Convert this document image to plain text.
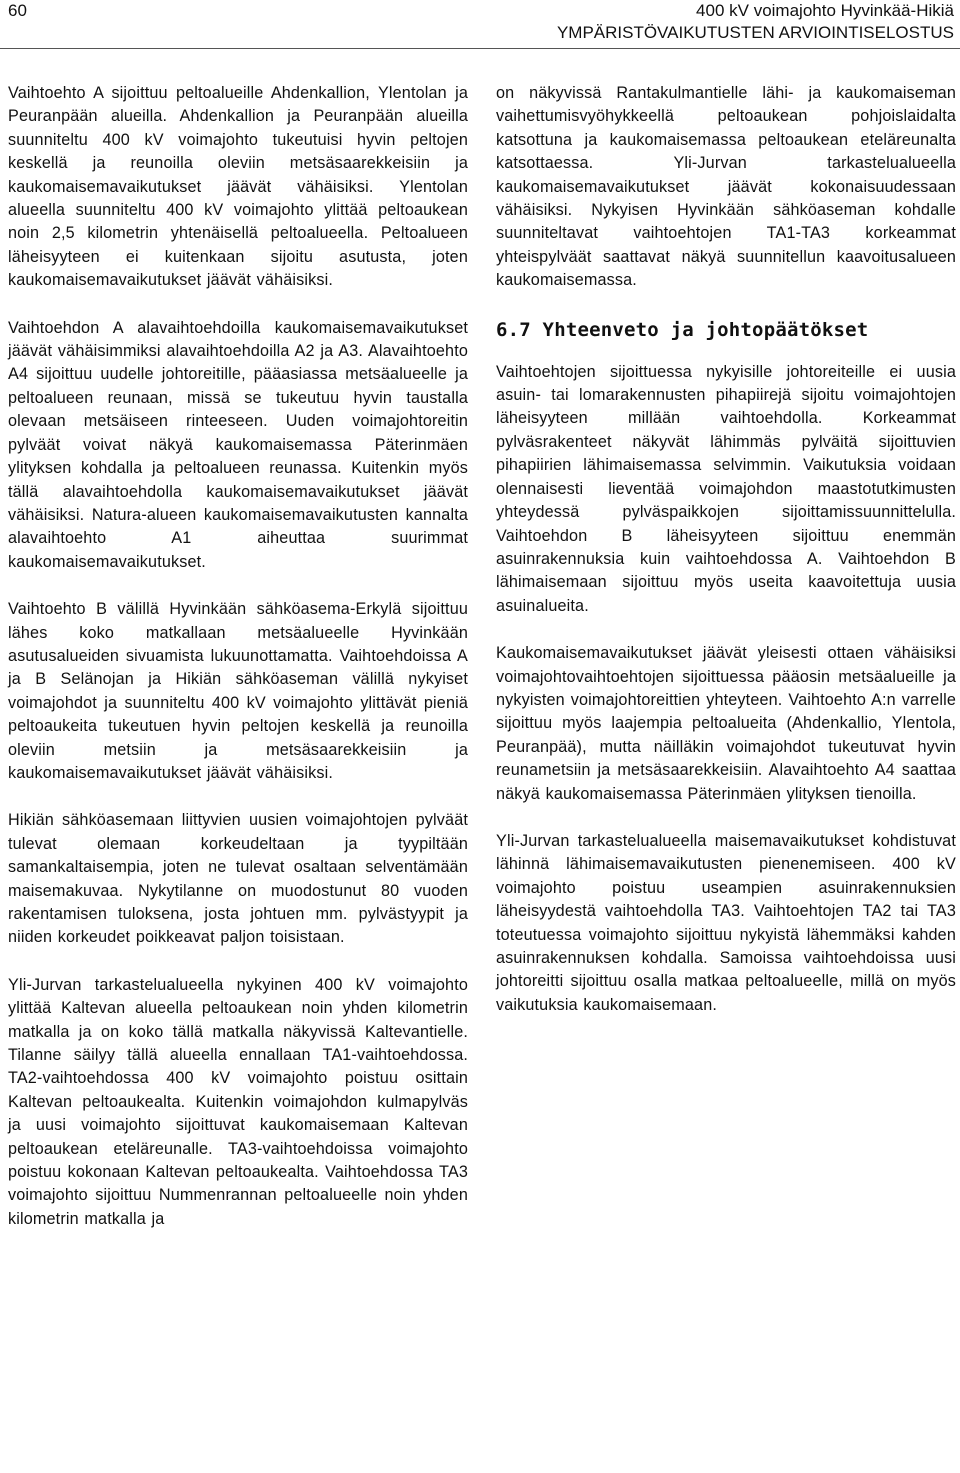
60	400 kV voimajohto Hyvinkää-Hikiä
YMPÄRISTÖVAIKUTUSTEN ARVIOINTISELOSTUS

Vaihtoehto A sijoittuu peltoalueille Ahdenkallion, Ylentolan ja Peuranpään alueilla. Ahdenkallion ja Peuranpään alueilla suunniteltu 400 kV voimajohto tukeutuisi hyvin peltojen keskellä ja reunoilla oleviin metsäsaarekkeisiin ja kaukomaisemavaikutukset jäävät vähäisiksi. Ylentolan alueella suunniteltu 400 kV voimajohto ylittää peltoaukean noin 2,5 kilometrin yhtenäisellä peltoalueella. Peltoalueen läheisyyteen ei kuitenkaan sijoitu asutusta, joten kaukomaisemavaikutukset jäävät vähäisiksi.

Vaihtoehdon A alavaihtoehdoilla kaukomaisemavaikutukset jäävät vähäisimmiksi alavaihtoehdoilla A2 ja A3. Alavaihtoehto A4 sijoittuu uudelle johtoreitille, pääasiassa metsäalueelle ja peltoalueen reunaan, missä se tukeutuu hyvin taustalla olevaan metsäiseen rinteeseen. Uuden voimajohtoreitin pylväät voivat näkyä kaukomaisemassa Päterinmäen ylityksen kohdalla ja peltoalueen reunassa. Kuitenkin myös tällä alavaihtoehdolla kaukomaisemavaikutukset jäävät vähäisiksi. Natura-alueen kaukomaisemavaikutusten kannalta alavaihtoehto A1 aiheuttaa suurimmat kaukomaisemavaikutukset.

Vaihtoehto B välillä Hyvinkään sähköasema-Erkylä sijoittuu lähes koko matkallaan metsäalueelle Hyvinkään asutusalueiden sivuamista lukuunottamatta. Vaihtoehdoissa A ja B Selänojan ja Hikiän sähköaseman välillä nykyiset voimajohdot ja suunniteltu 400 kV voimajohto ylittävät pieniä peltoaukeita tukeutuen hyvin peltojen keskellä ja reunoilla oleviin metsiin ja metsäsaarekkeisiin ja kaukomaisemavaikutukset jäävät vähäisiksi.

Hikiän sähköasemaan liittyvien uusien voimajohtojen pylväät tulevat olemaan korkeudeltaan ja tyypiltään samankaltaisempia, joten ne tulevat osaltaan selventämään maisemakuvaa. Nykytilanne on muodostunut 80 vuoden rakentamisen tuloksena, josta johtuen mm. pylvästyypit ja niiden korkeudet poikkeavat paljon toisistaan.

Yli-Jurvan tarkastelualueella nykyinen 400 kV voimajohto ylittää Kaltevan alueella peltoaukean noin yhden kilometrin matkalla ja on koko tällä matkalla näkyvissä Kaltevantielle. Tilanne säilyy tällä alueella ennallaan TA1-vaihtoehdossa. TA2-vaihtoehdossa 400 kV voimajohto poistuu osittain Kaltevan peltoaukealta. Kuitenkin voimajohdon kulmapylväs ja uusi voimajohto sijoittuvat kaukomaisemaan Kaltevan peltoaukean eteläreunalle. TA3-vaihtoehdoissa voimajohto poistuu kokonaan Kaltevan peltoaukealta. Vaihtoehdossa TA3 voimajohto sijoittuu Nummenrannan peltoalueelle noin yhden kilometrin matkalla ja

on näkyvissä Rantakulmantielle lähi- ja kaukomaiseman vaihettumisvyöhykkeellä peltoaukean pohjoislaidalta katsottuna ja kaukomaisemassa peltoaukean eteläreunalta katsottaessa. Yli-Jurvan tarkastelualueella kaukomaisemavaikutukset jäävät kokonaisuudessaan vähäisiksi. Nykyisen Hyvinkään sähköaseman kohdalle suunniteltavat vaihtoehtojen TA1-TA3 korkeammat yhteispylväät saattavat näkyä suunnitellun kaavoitusalueen kaukomaisemassa.

6.7 Yhteenveto ja johtopäätökset

Vaihtoehtojen sijoittuessa nykyisille johtoreiteille ei uusia asuin- tai lomarakennusten pihapiirejä sijoitu voimajohtojen läheisyyteen millään vaihtoehdolla. Korkeammat pylväsrakenteet näkyvät lähimmäs pylväitä sijoittuvien pihapiirien lähimaisemassa selvimmin. Vaikutuksia voidaan olennaisesti lieventää voimajohdon maastotutkimusten yhteydessä pylväspaikkojen sijoittamissuunnittelulla. Vaihtoehdon B läheisyyteen sijoittuu enemmän asuinrakennuksia kuin vaihtoehdossa A. Vaihtoehdon B lähimaisemaan sijoittuu myös useita kaavoitettuja uusia asuinalueita.

Kaukomaisemavaikutukset jäävät yleisesti ottaen vähäisiksi voimajohtovaihtoehtojen sijoittuessa pääosin metsäalueille ja nykyisten voimajohtoreittien yhteyteen. Vaihtoehto A:n varrelle sijoittuu myös laajempia peltoalueita (Ahdenkallio, Ylentola, Peuranpää), mutta näilläkin voimajohdot tukeutuvat hyvin reunametsiin ja metsäsaarekkeisiin. Alavaihtoehto A4 saattaa näkyä kaukomaisemassa Päterinmäen ylityksen tienoilla.

Yli-Jurvan tarkastelualueella maisemavaikutukset kohdistuvat lähinnä lähimaisemavaikutusten pienenemiseen. 400 kV voimajohto poistuu useampien asuinrakennuksien läheisyydestä vaihtoehdolla TA3. Vaihtoehtojen TA2 tai TA3 toteutuessa voimajohto sijoittuu nykyistä lähemmäksi kahden asuinrakennuksen kohdalla. Samoissa vaihtoehdoissa uusi johtoreitti sijoittuu osalla matkaa peltoalueelle, millä on myös vaikutuksia kaukomaisemaan.
